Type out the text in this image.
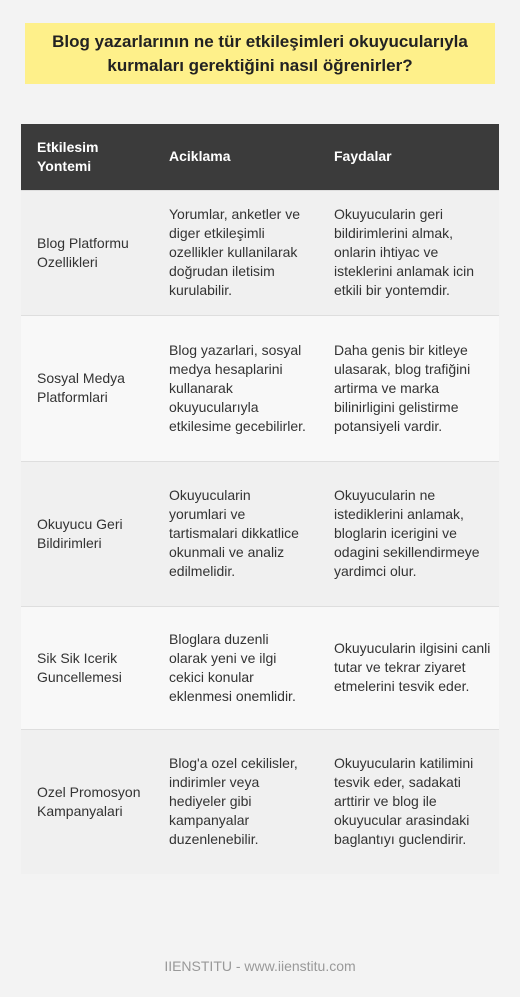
Blog yazarlarının ne tür etkileşimleri okuyucularıyla kurmaları gerektiğini nasıl öğrenirler?
Etkilesim Yontemi	Aciklama	Faydalar
Blog Platformu Ozellikleri	Yorumlar, anketler ve diger etkileşimli ozellikler kullanilarak doğrudan iletisim kurulabilir.	Okuyucularin geri bildirimlerini almak, onlarin ihtiyac ve isteklerini anlamak icin etkili bir yontemdir.
Sosyal Medya Platformlari	Blog yazarlari, sosyal medya hesaplarini kullanarak okuyucularıyla etkilesime gecebilirler.	Daha genis bir kitleye ulasarak, blog trafiğini artirma ve marka bilinirligini gelistirme potansiyeli vardir.
Okuyucu Geri Bildirimleri	Okuyucularin yorumlari ve tartismalari dikkatlice okunmali ve analiz edilmelidir.	Okuyucularin ne istediklerini anlamak, bloglarin icerigini ve odagini sekillendirmeye yardimci olur.
Sik Sik Icerik Guncellemesi	Bloglara duzenli olarak yeni ve ilgi cekici konular eklenmesi onemlidir.	Okuyucularin ilgisini canli tutar ve tekrar ziyaret etmelerini tesvik eder.
Ozel Promosyon Kampanyalari	Blog'a ozel cekilisler, indirimler veya hediyeler gibi kampanyalar duzenlenebilir.	Okuyucularin katilimini tesvik eder, sadakati arttirir ve blog ile okuyucular arasindaki baglantıyı guclendirir.
IIENSTITU - www.iienstitu.com
